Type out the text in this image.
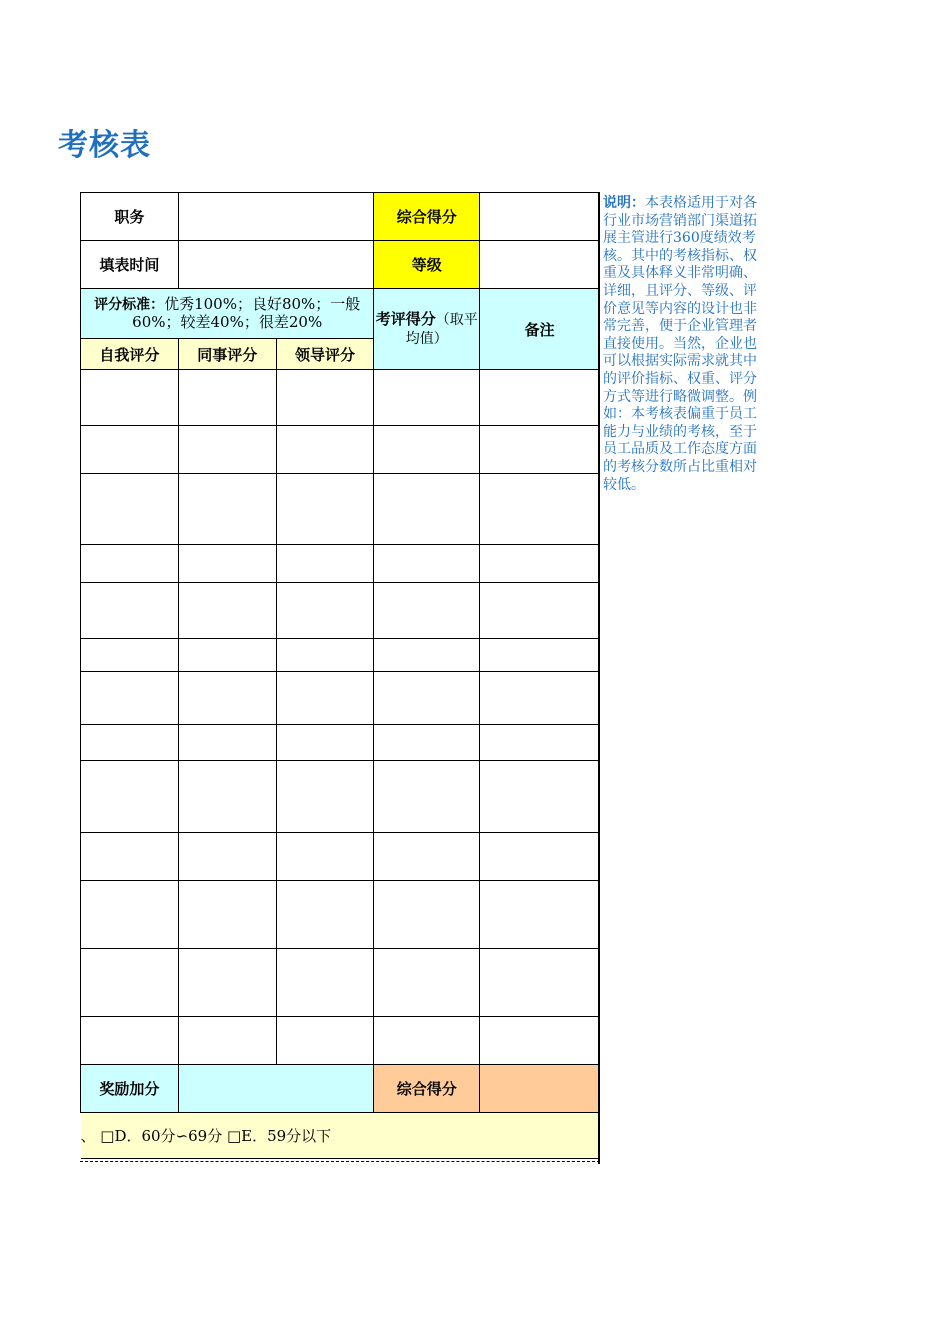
考核表
职务			综合得分	
填表时间			等级	
评分标准：优秀100%；良好80%；一般60%；较差40%；很差20%			考评得分（取平均值）	备注
自我评分	同事评分	领导评分		

奖励加分			综合得分	
、 □D．60分∽69分 □E．59分以下				
说明：本表格适用于对各行业市场营销部门渠道拓展主管进行360度绩效考核。其中的考核指标、权重及具体释义非常明确、详细，且评分、等级、评价意见等内容的设计也非常完善，便于企业管理者直接使用。当然，企业也可以根据实际需求就其中的评价指标、权重、评分方式等进行略微调整。例如：本考核表偏重于员工能力与业绩的考核，至于员工品质及工作态度方面的考核分数所占比重相对较低。
